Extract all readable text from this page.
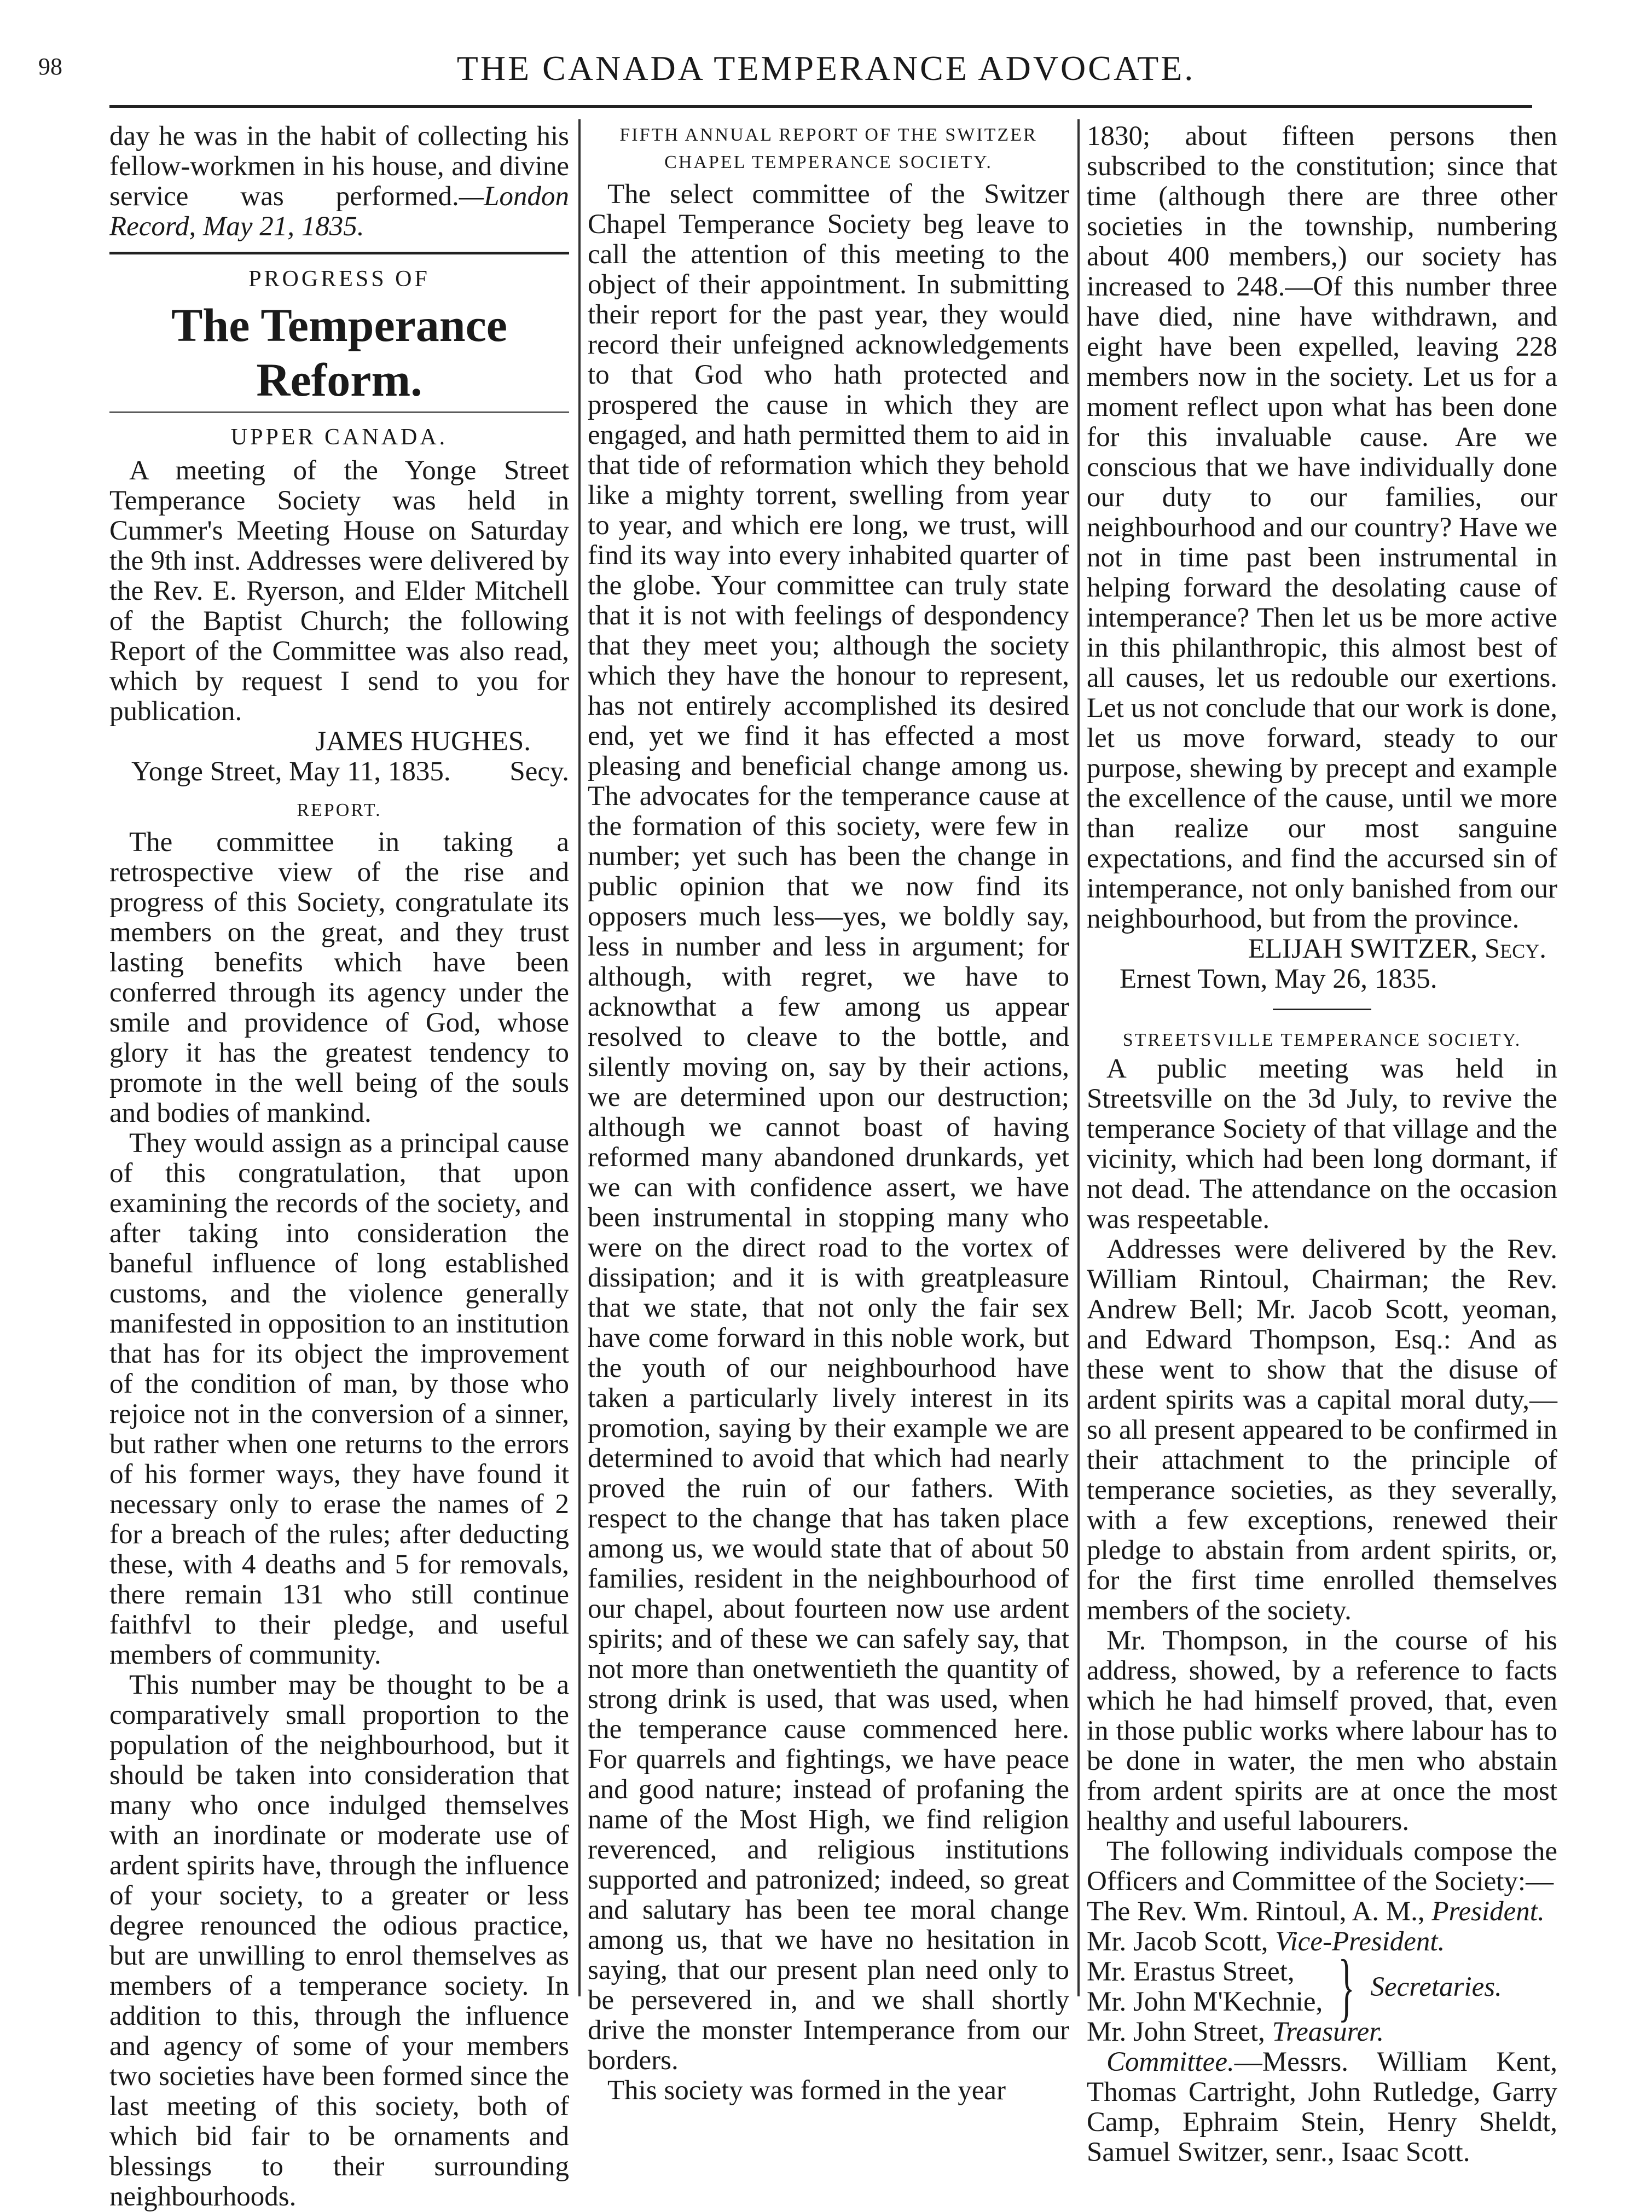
98	THE CANADA TEMPERANCE ADVOCATE.

day he was in the habit of collecting his fellow-workmen in his house, and divine service was performed.—London Record, May 21, 1835.

PROGRESS OF
The Temperance Reform.
UPPER CANADA.

A meeting of the Yonge Street Temperance Society was held in Cummer's Meeting House on Saturday the 9th inst. Addresses were delivered by the Rev. E. Ryerson, and Elder Mitchell of the Baptist Church; the following Report of the Committee was also read, which by request I send to you for publication.

JAMES HUGHES.
Yonge Street, May 11, 1835. Secy.
REPORT.

The committee in taking a retrospective view of the rise and progress of this Society, congratulate its members on the great, and they trust lasting benefits which have been conferred through its agency under the smile and providence of God, whose glory it has the greatest tendency to promote in the well being of the souls and bodies of mankind.

They would assign as a principal cause of this congratulation, that upon examining the records of the society, and after taking into consideration the baneful influence of long established customs, and the violence generally manifested in opposition to an institution that has for its object the improvement of the condition of man, by those who rejoice not in the conversion of a sinner, but rather when one returns to the errors of his former ways, they have found it necessary only to erase the names of 2 for a breach of the rules; after deducting these, with 4 deaths and 5 for removals, there remain 131 who still continue faithfvl to their pledge, and useful members of community.

This number may be thought to be a comparatively small proportion to the population of the neighbourhood, but it should be taken into consideration that many who once indulged themselves with an inordinate or moderate use of ardent spirits have, through the influence of your society, to a greater or less degree renounced the odious practice, but are unwilling to enrol themselves as members of a temperance society. In addition to this, through the influence and agency of some of your members two societies have been formed since the last meeting of this society, both of which bid fair to be ornaments and blessings to their surrounding neighbourhoods.

FIFTH ANNUAL REPORT OF THE SWITZER
CHAPEL TEMPERANCE SOCIETY.

The select committee of the Switzer Chapel Temperance Society beg leave to call the attention of this meeting to the object of their appointment. In submitting their report for the past year, they would record their unfeigned acknowledgements to that God who hath protected and prospered the cause in which they are engaged, and hath permitted them to aid in that tide of reformation which they behold like a mighty torrent, swelling from year to year, and which ere long, we trust, will find its way into every inhabited quarter of the globe. Your committee can truly state that it is not with feelings of despondency that they meet you; although the society which they have the honour to represent, has not entirely accomplished its desired end, yet we find it has effected a most pleasing and beneficial change among us. The advocates for the temperance cause at the formation of this society, were few in number; yet such has been the change in public opinion that we now find its opposers much less—yes, we boldly say, less in number and less in argument; for although, with regret, we have to acknowthat a few among us appear resolved to cleave to the bottle, and silently moving on, say by their actions, we are determined upon our destruction; although we cannot boast of having reformed many abandoned drunkards, yet we can with confidence assert, we have been instrumental in stopping many who were on the direct road to the vortex of dissipation; and it is with greatpleasure that we state, that not only the fair sex have come forward in this noble work, but the youth of our neighbourhood have taken a particularly lively interest in its promotion, saying by their example we are determined to avoid that which had nearly proved the ruin of our fathers. With respect to the change that has taken place among us, we would state that of about 50 families, resident in the neighbourhood of our chapel, about fourteen now use ardent spirits; and of these we can safely say, that not more than onetwentieth the quantity of strong drink is used, that was used, when the temperance cause commenced here. For quarrels and fightings, we have peace and good nature; instead of profaning the name of the Most High, we find religion reverenced, and religious institutions supported and patronized; indeed, so great and salutary has been tee moral change among us, that we have no hesitation in saying, that our present plan need only to be persevered in, and we shall shortly drive the monster Intemperance from our borders.

This society was formed in the year

1830; about fifteen persons then subscribed to the constitution; since that time (although there are three other societies in the township, numbering about 400 members,) our society has increased to 248.—Of this number three have died, nine have withdrawn, and eight have been expelled, leaving 228 members now in the society. Let us for a moment reflect upon what has been done for this invaluable cause. Are we conscious that we have individually done our duty to our families, our neighbourhood and our country? Have we not in time past been instrumental in helping forward the desolating cause of intemperance? Then let us be more active in this philanthropic, this almost best of all causes, let us redouble our exertions. Let us not conclude that our work is done, let us move forward, steady to our purpose, shewing by precept and example the excellence of the cause, until we more than realize our most sanguine expectations, and find the accursed sin of intemperance, not only banished from our neighbourhood, but from the province.

ELIJAH SWITZER, Secy.
Ernest Town, May 26, 1835.
STREETSVILLE TEMPERANCE SOCIETY.

A public meeting was held in Streetsville on the 3d July, to revive the temperance Society of that village and the vicinity, which had been long dormant, if not dead. The attendance on the occasion was respeetable.

Addresses were delivered by the Rev. William Rintoul, Chairman; the Rev. Andrew Bell; Mr. Jacob Scott, yeoman, and Edward Thompson, Esq.: And as these went to show that the disuse of ardent spirits was a capital moral duty,—so all present appeared to be confirmed in their attachment to the principle of temperance societies, as they severally, with a few exceptions, renewed their pledge to abstain from ardent spirits, or, for the first time enrolled themselves members of the society.

Mr. Thompson, in the course of his address, showed, by a reference to facts which he had himself proved, that, even in those public works where labour has to be done in water, the men who abstain from ardent spirits are at once the most healthy and useful labourers.

The following individuals compose the Officers and Committee of the Society:—

The Rev. Wm. Rintoul, A. M., President.
Mr. Jacob Scott, Vice-President.
Mr. Erastus Street,
Mr. John M'Kechnie, } Secretaries.
Mr. John Street, Treasurer.

Committee.—Messrs. William Kent, Thomas Cartright, John Rutledge, Garry Camp, Ephraim Stein, Henry Sheldt, Samuel Switzer, senr., Isaac Scott.
